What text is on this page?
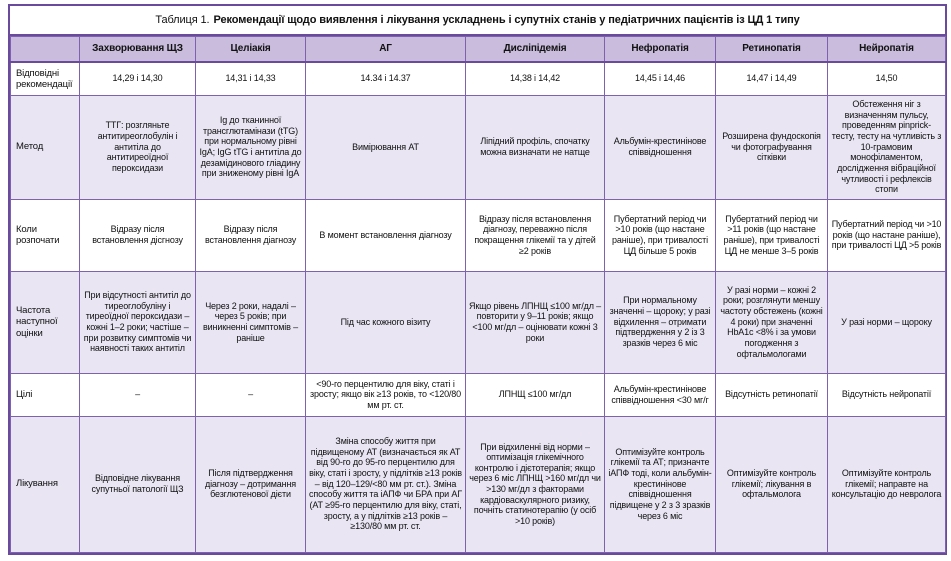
Таблиця 1. Рекомендації щодо виявлення і лікування ускладнень і супутніх станів у педіатричних пацієнтів із ЦД 1 типу
	Захворювання ЩЗ	Целіакія	АГ	Дисліпідемія	Нефропатія	Ретинопатія	Нейропатія
Відповідні рекомендації	14,29 і 14,30	14,31 і 14,33	14.34 і 14.37	14,38 і 14,42	14,45 і 14,46	14,47 і 14,49	14,50
Метод	ТТГ: розгляньте антитиреоглобулін і антитіла до антитиреоїдної пероксидази	Ig до тканинної трансглютамінази (tTG) при нормальному рівні IgA; IgG tTG і антитіла до дезамідинового гліадину при зниженому рівні IgA	Вимірювання АТ	Ліпідний профіль, спочатку можна визначати не натще	Альбумін-крестинінове співвідношення	Розширена фундоскопія чи фотографування сітківки	Обстеження ніг з визначенням пульсу, проведенням pinprick-тесту, тесту на чутливість з 10-грамовим монофіламентом, дослідження вібраційної чутливості і рефлексів стопи
Коли розпочати	Відразу після встановлення дісгнозу	Відразу після встановлення діагнозу	В момент встановлення діагнозу	Відразу після встановлення діагнозу, переважно після покращення глікемії та у дітей ≥2 років	Пубертатний період чи >10 років (що настане раніше), при тривалості ЦД більше 5 років	Пубертатний період чи >11 років (що настане раніше), при тривалості ЦД не менше 3–5 років	Пубертатний період чи >10 років (що настане раніше), при тривалості ЦД >5 років
Частота наступної оцінки	При відсутності антитіл до тиреоглобуліну і тиреоїдної пероксидази – кожні 1–2 роки; частіше – при розвитку симптомів чи наявності таких антитіл	Через 2 роки, надалі – через 5 років; при виникненні симптомів – раніше	Під час кожного візиту	Якщо рівень ЛПНЩ ≤100 мг/дл – повторити у 9–11 років; якщо <100 мг/дл – оцінювати кожні 3 роки	При нормальному значенні – щороку; у разі відхилення – отримати підтвердження у 2 із 3 зразків через 6 міс	У разі норми – кожні 2 роки; розглянути меншу частоту обстежень (кожні 4 роки) при значенні HbA1c <8% і за умови погодження з офтальмологами	У разі норми – щороку
Цілі	–	–	<90-го перцентилю для віку, статі і зросту; якщо вік ≥13 років, то <120/80 мм рт. ст.	ЛПНЩ ≤100 мг/дл	Альбумін-крестинінове співвідношення <30 мг/г	Відсутність ретинопатії	Відсутність нейропатії
Лікування	Відповідне лікування супутньої патології ЩЗ	Після підтвердження діагнозу – дотримання безглютенової дієти	Зміна способу життя при підвищеному АТ (визначається як АТ від 90-го до 95-го перцентилю для віку, статі і зросту, у підлітків ≥13 років – від 120–129/<80 мм рт. ст.). Зміна способу життя та іАПФ чи БРА при АГ (АТ ≥95-го перцентилю для віку, статі, зросту, а у підлітків ≥13 років – ≥130/80 мм рт. ст.	При відхиленні від норми – оптимізація глікемічного контролю і дієтотерапія; якщо через 6 міс ЛПНЩ >160 мг/дл чи >130 мг/дл з факторами кардіоваскулярного ризику, почніть статинотерапію (у осіб >10 років)	Оптимізуйте контроль глікемії та АТ; призначте іАПФ тоді, коли альбумін-крестинінове співвідношення підвищене у 2 з 3 зразків через 6 міс	Оптимізуйте контроль глікемії; лікування в офтальмолога	Оптимізуйте контроль глікемії; направте на консультацію до невролога
